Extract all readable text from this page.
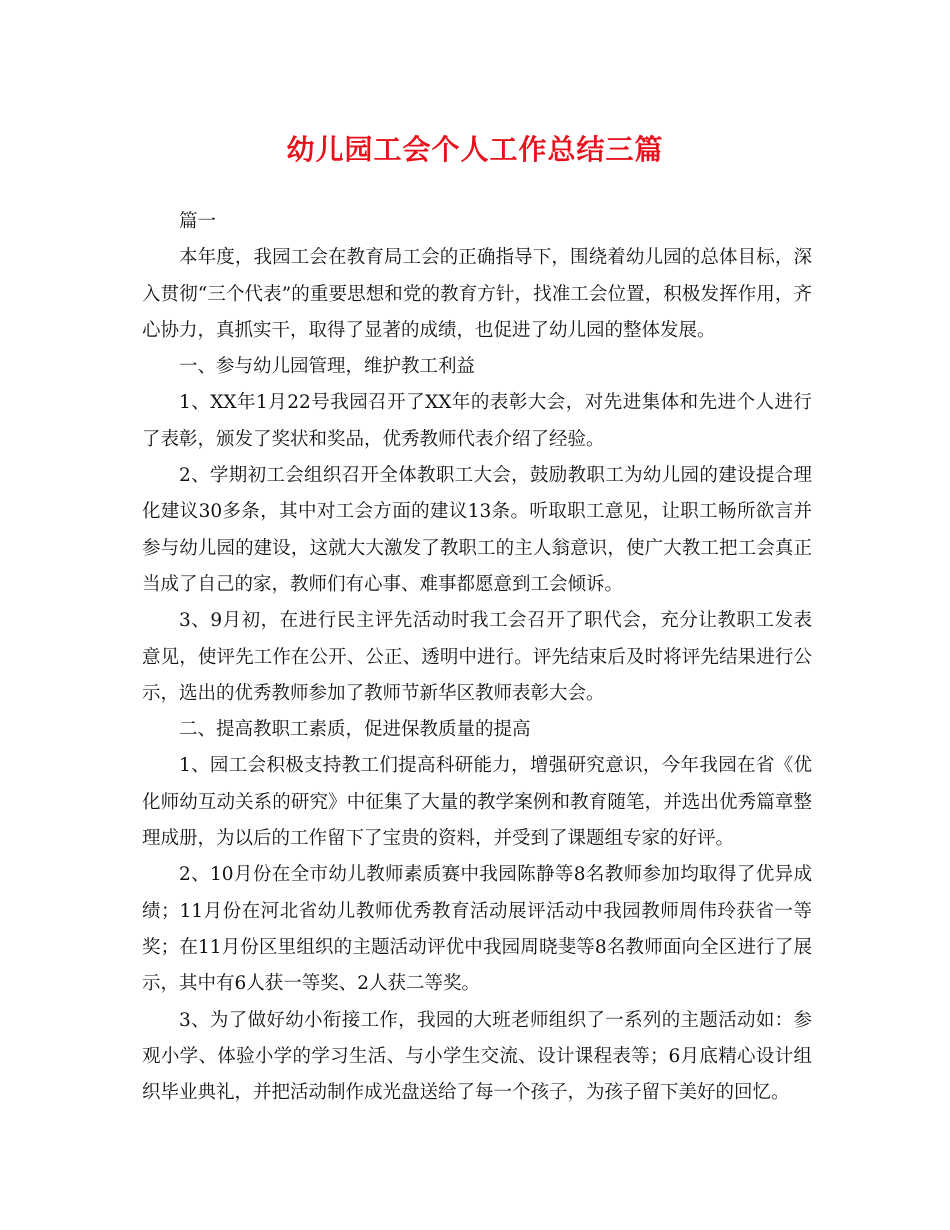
幼儿园工会个人工作总结三篇

篇一

本年度，我园工会在教育局工会的正确指导下，围绕着幼儿园的总体目标，深入贯彻“三个代表”的重要思想和党的教育方针，找准工会位置，积极发挥作用，齐心协力，真抓实干，取得了显著的成绩，也促进了幼儿园的整体发展。

一、参与幼儿园管理，维护教工利益

1、XX年1月22号我园召开了XX年的表彰大会，对先进集体和先进个人进行了表彰，颁发了奖状和奖品，优秀教师代表介绍了经验。

2、学期初工会组织召开全体教职工大会，鼓励教职工为幼儿园的建设提合理化建议30多条，其中对工会方面的建议13条。听取职工意见，让职工畅所欲言并参与幼儿园的建设，这就大大激发了教职工的主人翁意识，使广大教工把工会真正当成了自己的家，教师们有心事、难事都愿意到工会倾诉。

3、9月初，在进行民主评先活动时我工会召开了职代会，充分让教职工发表意见，使评先工作在公开、公正、透明中进行。评先结束后及时将评先结果进行公示，选出的优秀教师参加了教师节新华区教师表彰大会。

二、提高教职工素质，促进保教质量的提高

1、园工会积极支持教工们提高科研能力，增强研究意识，今年我园在省《优化师幼互动关系的研究》中征集了大量的教学案例和教育随笔，并选出优秀篇章整理成册，为以后的工作留下了宝贵的资料，并受到了课题组专家的好评。

2、10月份在全市幼儿教师素质赛中我园陈静等8名教师参加均取得了优异成绩；11月份在河北省幼儿教师优秀教育活动展评活动中我园教师周伟玲获省一等奖；在11月份区里组织的主题活动评优中我园周晓斐等8名教师面向全区进行了展示，其中有6人获一等奖、2人获二等奖。

3、为了做好幼小衔接工作，我园的大班老师组织了一系列的主题活动如：参观小学、体验小学的学习生活、与小学生交流、设计课程表等；6月底精心设计组织毕业典礼，并把活动制作成光盘送给了每一个孩子，为孩子留下美好的回忆。
